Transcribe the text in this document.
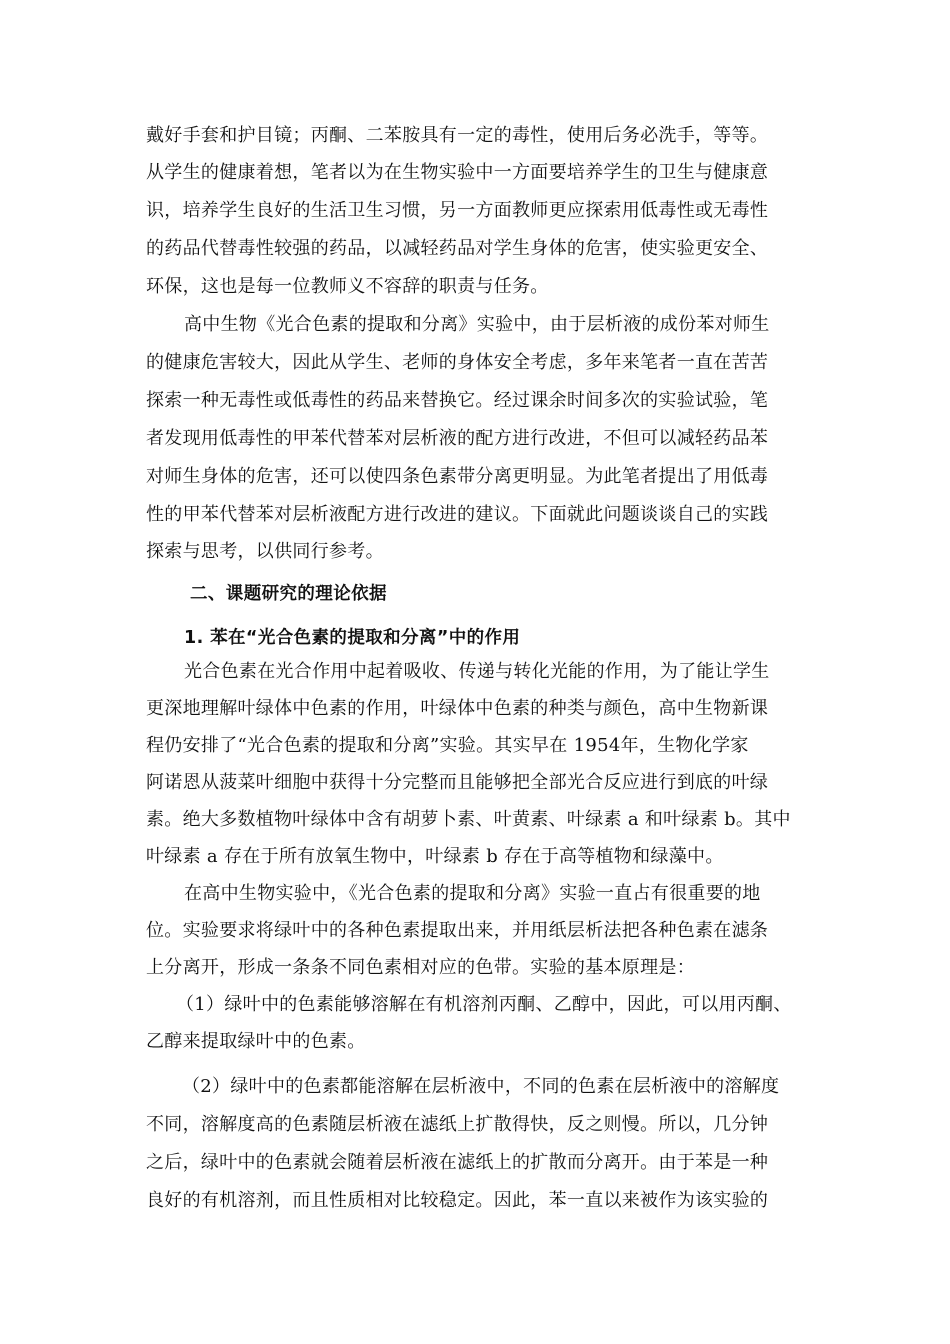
戴好手套和护目镜；丙酮、二苯胺具有一定的毒性，使用后务必洗手，等等。
从学生的健康着想，笔者以为在生物实验中一方面要培养学生的卫生与健康意
识，培养学生良好的生活卫生习惯，另一方面教师更应探索用低毒性或无毒性
的药品代替毒性较强的药品，以减轻药品对学生身体的危害，使实验更安全、
环保，这也是每一位教师义不容辞的职责与任务。
高中生物《光合色素的提取和分离》实验中，由于层析液的成份苯对师生
的健康危害较大，因此从学生、老师的身体安全考虑，多年来笔者一直在苦苦
探索一种无毒性或低毒性的药品来替换它。经过课余时间多次的实验试验，笔
者发现用低毒性的甲苯代替苯对层析液的配方进行改进，不但可以减轻药品苯
对师生身体的危害，还可以使四条色素带分离更明显。为此笔者提出了用低毒
性的甲苯代替苯对层析液配方进行改进的建议。下面就此问题谈谈自己的实践
探索与思考，以供同行参考。
二、课题研究的理论依据
1. 苯在“光合色素的提取和分离”中的作用
光合色素在光合作用中起着吸收、传递与转化光能的作用，为了能让学生
更深地理解叶绿体中色素的作用，叶绿体中色素的种类与颜色，高中生物新课
程仍安排了“光合色素的提取和分离”实验。其实早在 1954年，生物化学家
阿诺恩从菠菜叶细胞中获得十分完整而且能够把全部光合反应进行到底的叶绿
素。绝大多数植物叶绿体中含有胡萝卜素、叶黄素、叶绿素 a 和叶绿素 b。其中
叶绿素 a 存在于所有放氧生物中，叶绿素 b 存在于高等植物和绿藻中。
在高中生物实验中，《光合色素的提取和分离》实验一直占有很重要的地
位。实验要求将绿叶中的各种色素提取出来，并用纸层析法把各种色素在滤条
上分离开，形成一条条不同色素相对应的色带。实验的基本原理是：
（1）绿叶中的色素能够溶解在有机溶剂丙酮、乙醇中，因此，可以用丙酮、
乙醇来提取绿叶中的色素。
（2）绿叶中的色素都能溶解在层析液中，不同的色素在层析液中的溶解度
不同，溶解度高的色素随层析液在滤纸上扩散得快，反之则慢。所以，几分钟
之后，绿叶中的色素就会随着层析液在滤纸上的扩散而分离开。由于苯是一种
良好的有机溶剂，而且性质相对比较稳定。因此，苯一直以来被作为该实验的
